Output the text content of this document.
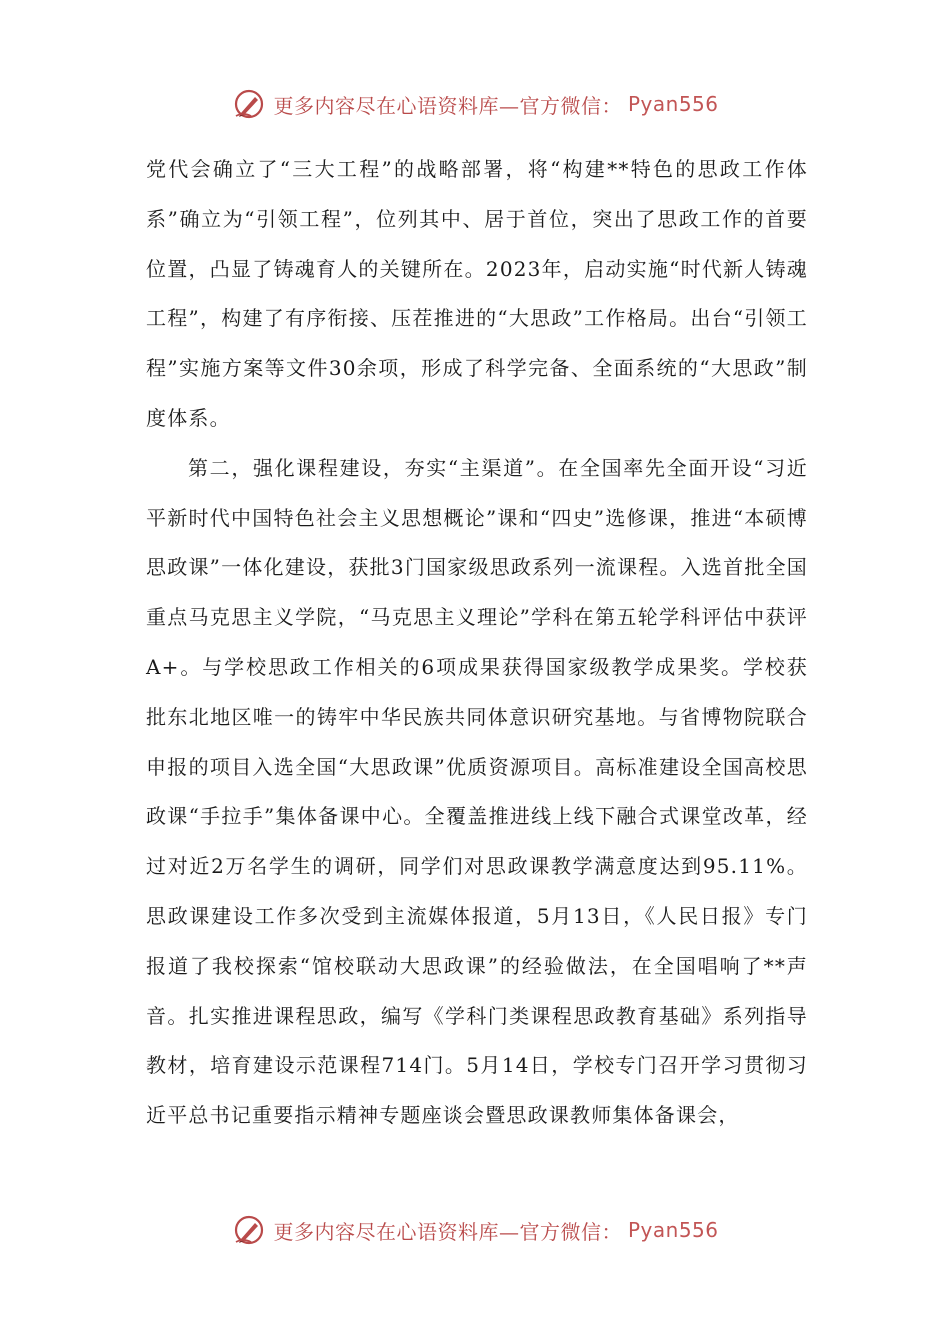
更多内容尽在心语资料库—官方微信： Pyan556

党代会确立了“三大工程”的战略部署，将“构建**特色的思政工作体系”确立为“引领工程”，位列其中、居于首位，突出了思政工作的首要位置，凸显了铸魂育人的关键所在。2023年，启动实施“时代新人铸魂工程”，构建了有序衔接、压茬推进的“大思政”工作格局。出台“引领工程”实施方案等文件30余项，形成了科学完备、全面系统的“大思政”制度体系。

第二，强化课程建设，夯实“主渠道”。在全国率先全面开设“习近平新时代中国特色社会主义思想概论”课和“四史”选修课，推进“本硕博思政课”一体化建设，获批3门国家级思政系列一流课程。入选首批全国重点马克思主义学院，“马克思主义理论”学科在第五轮学科评估中获评A+。与学校思政工作相关的6项成果获得国家级教学成果奖。学校获批东北地区唯一的铸牢中华民族共同体意识研究基地。与省博物院联合申报的项目入选全国“大思政课”优质资源项目。高标准建设全国高校思政课“手拉手”集体备课中心。全覆盖推进线上线下融合式课堂改革，经过对近2万名学生的调研，同学们对思政课教学满意度达到95.11%。思政课建设工作多次受到主流媒体报道，5月13日，《人民日报》专门报道了我校探索“馆校联动大思政课”的经验做法，在全国唱响了**声音。扎实推进课程思政，编写《学科门类课程思政教育基础》系列指导教材，培育建设示范课程714门。5月14日，学校专门召开学习贯彻习近平总书记重要指示精神专题座谈会暨思政课教师集体备课会，

更多内容尽在心语资料库—官方微信： Pyan556
